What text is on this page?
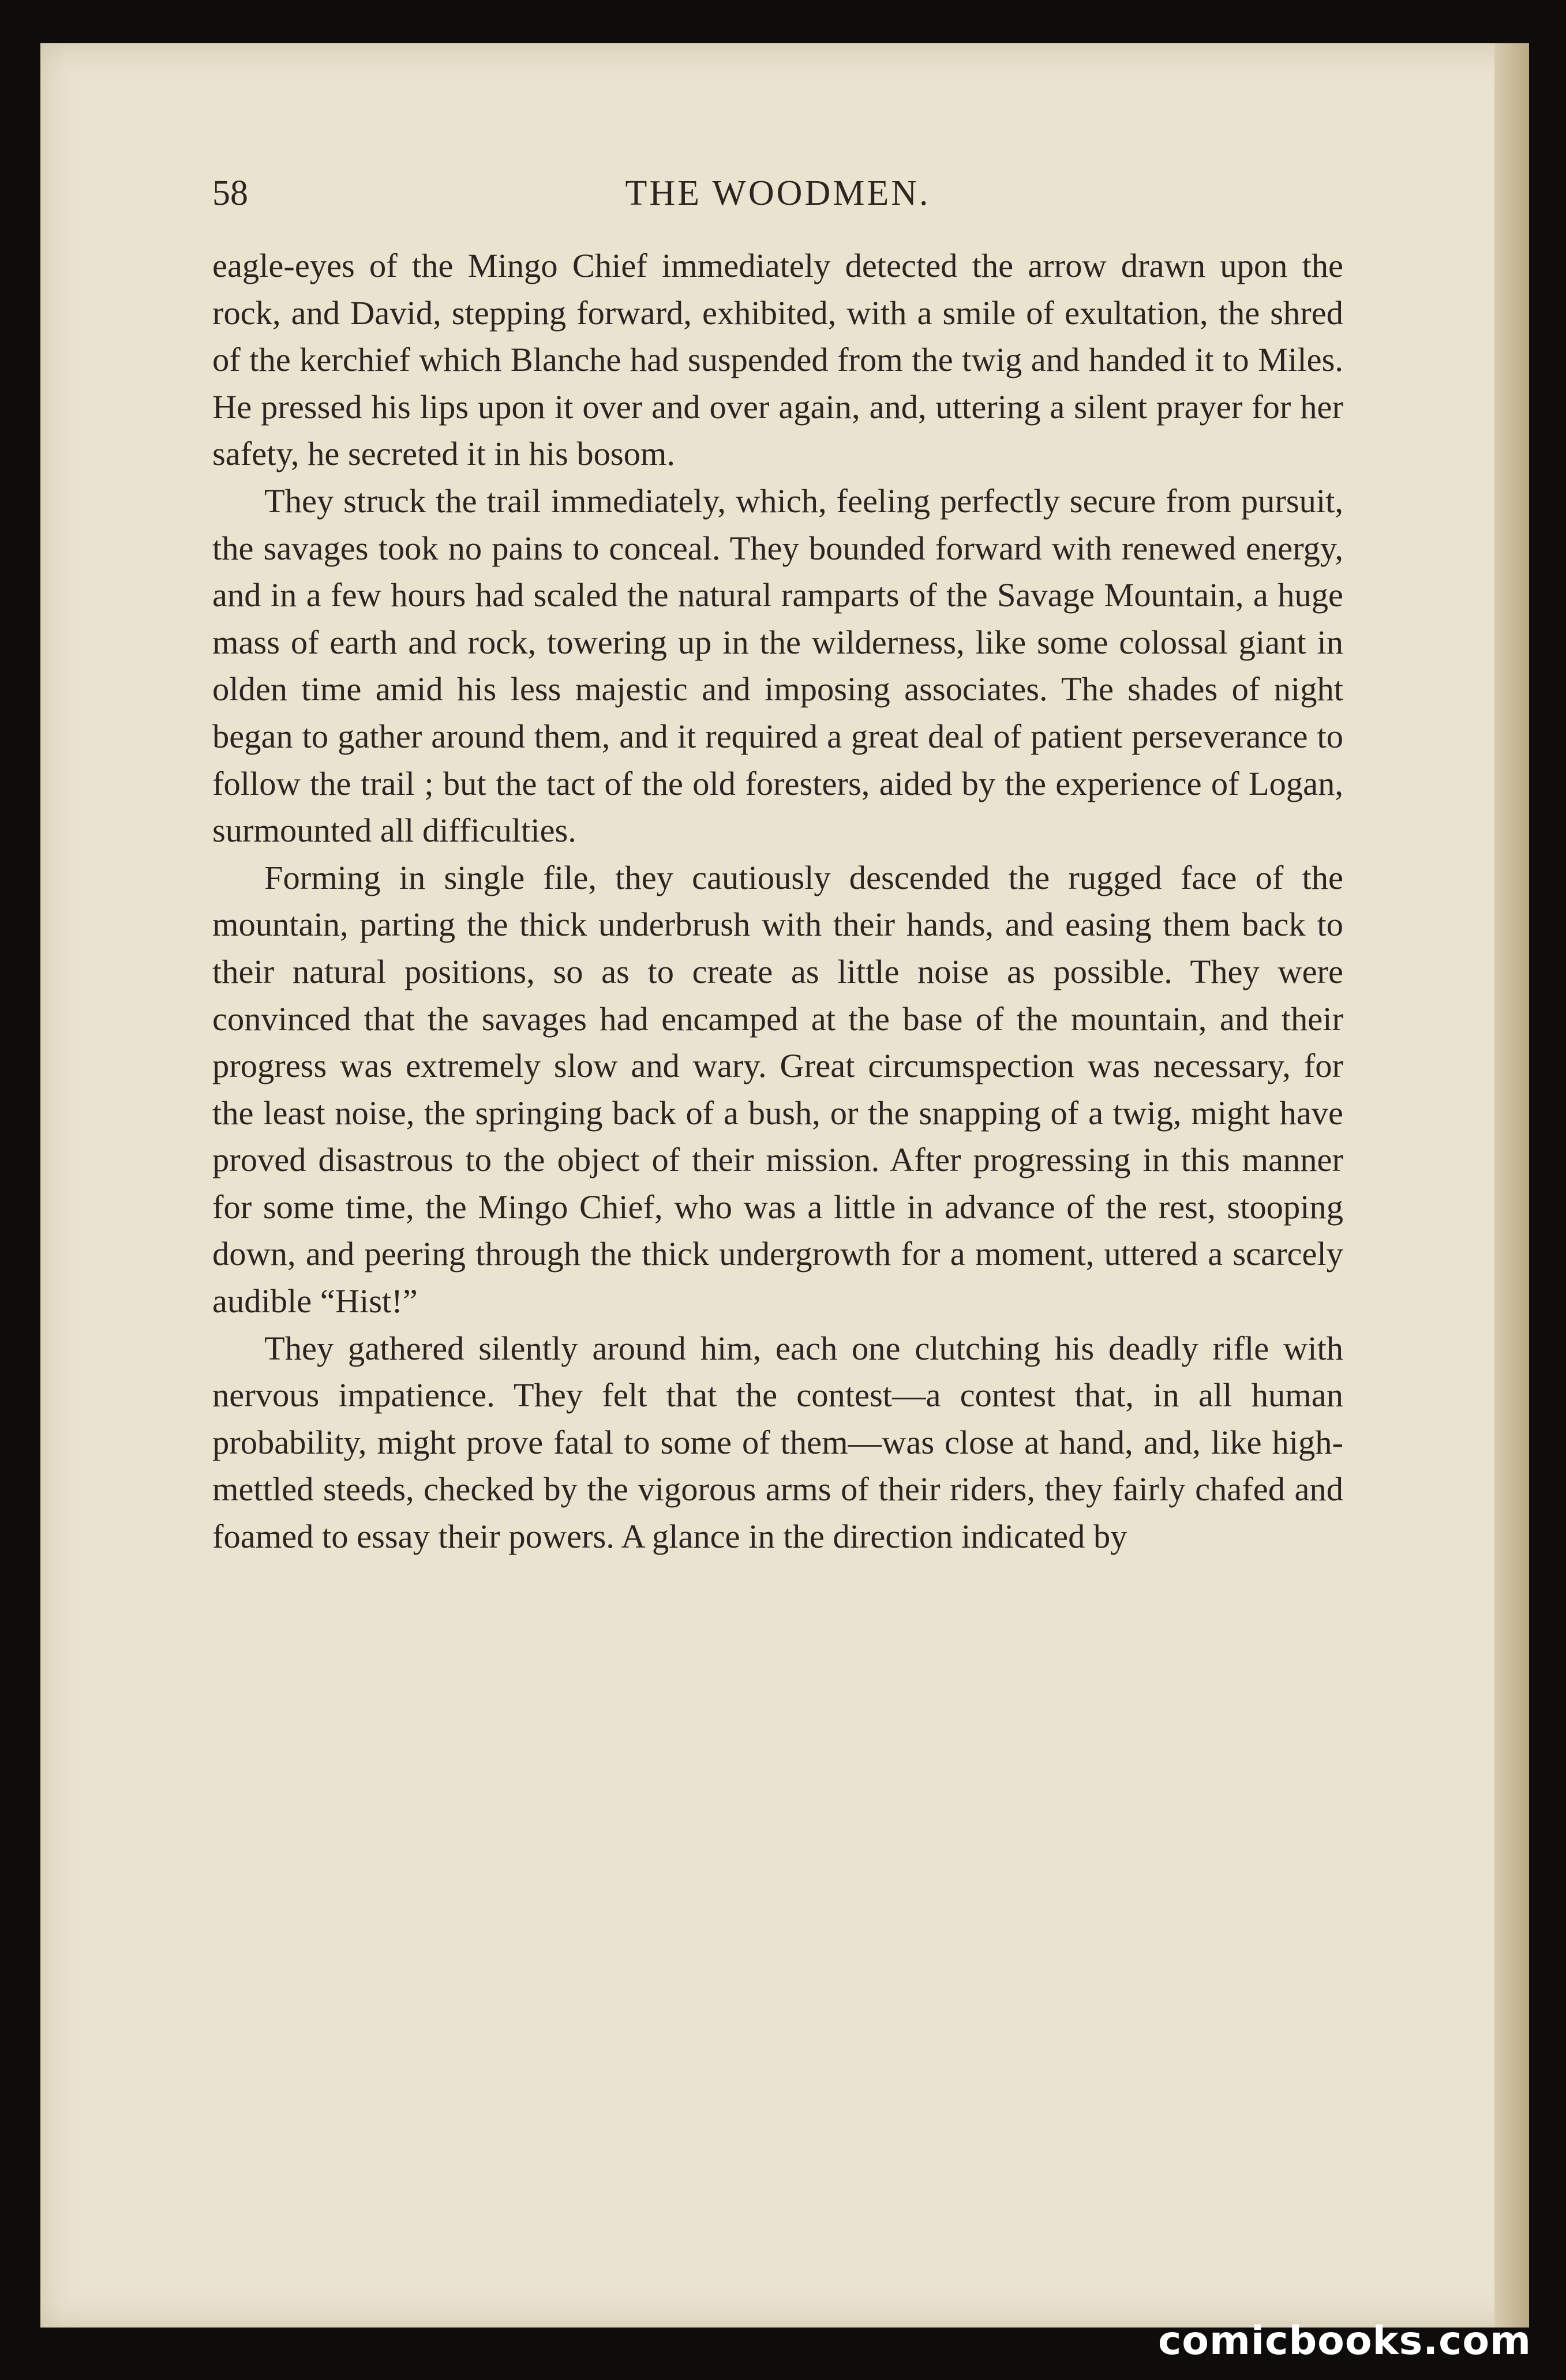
58	THE WOODMEN.

eagle-eyes of the Mingo Chief immediately detected the arrow drawn upon the rock, and David, stepping forward, exhibited, with a smile of exultation, the shred of the kerchief which Blanche had suspended from the twig and handed it to Miles. He pressed his lips upon it over and over again, and, uttering a silent prayer for her safety, he secreted it in his bosom.

They struck the trail immediately, which, feeling perfectly secure from pursuit, the savages took no pains to conceal. They bounded forward with renewed energy, and in a few hours had scaled the natural ramparts of the Savage Mountain, a huge mass of earth and rock, towering up in the wilderness, like some colossal giant in olden time amid his less majestic and imposing associates. The shades of night began to gather around them, and it required a great deal of patient perseverance to follow the trail ; but the tact of the old foresters, aided by the experience of Logan, surmounted all difficulties.

Forming in single file, they cautiously descended the rugged face of the mountain, parting the thick underbrush with their hands, and easing them back to their natural positions, so as to create as little noise as possible. They were convinced that the savages had encamped at the base of the mountain, and their progress was extremely slow and wary. Great circumspection was necessary, for the least noise, the springing back of a bush, or the snapping of a twig, might have proved disastrous to the object of their mission. After progressing in this manner for some time, the Mingo Chief, who was a little in advance of the rest, stooping down, and peering through the thick undergrowth for a moment, uttered a scarcely audible “Hist!”

They gathered silently around him, each one clutching his deadly rifle with nervous impatience. They felt that the contest—a contest that, in all human probability, might prove fatal to some of them—was close at hand, and, like high-mettled steeds, checked by the vigorous arms of their riders, they fairly chafed and foamed to essay their powers. A glance in the direction indicated by

comicbooks.com
